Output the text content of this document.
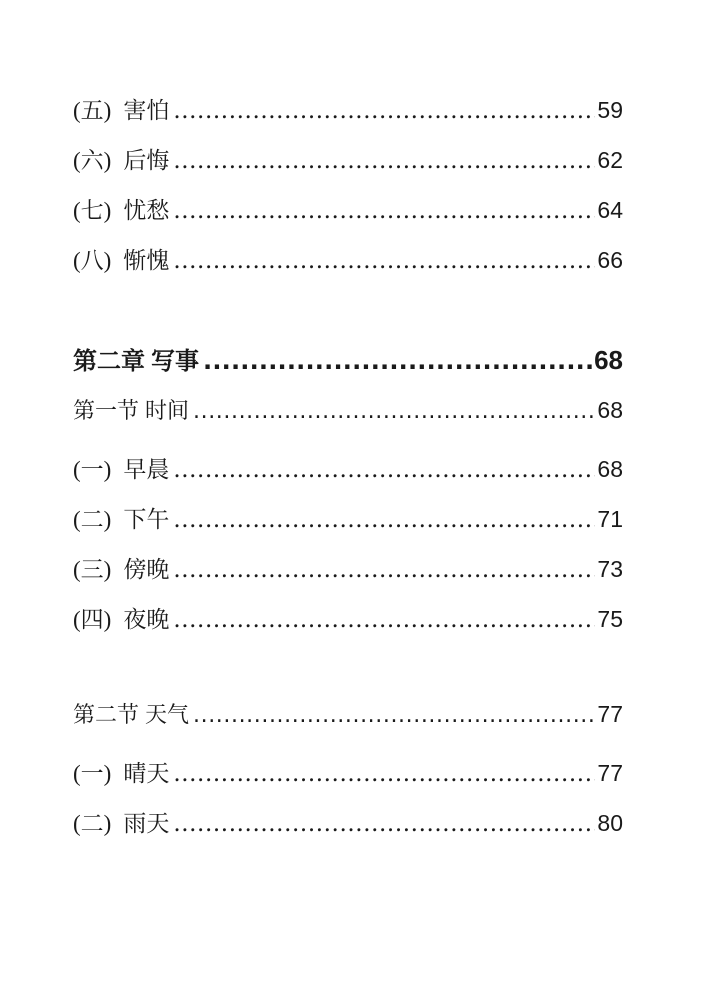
(五) 害怕 .....	59
(六) 后悔 .....	62
(七) 忧愁 .....	64
(八) 惭愧 .....	66
第二章 写事 .....	68
第一节 时间 .....	68
(一) 早晨 .....	68
(二) 下午 .....	71
(三) 傍晚 .....	73
(四) 夜晚 .....	75
第二节 天气 .....	77
(一) 晴天 .....	77
(二) 雨天 .....	80
